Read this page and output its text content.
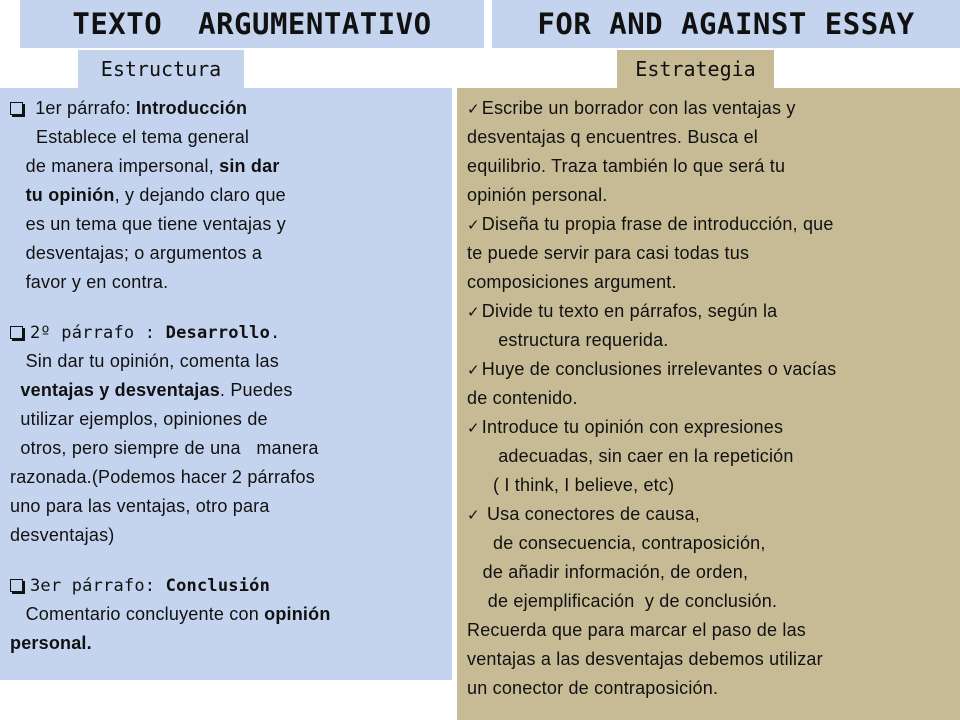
TEXTO  ARGUMENTATIVO	FOR AND AGAINST ESSAY
Estructura	Estrategia
1er párrafo: Introducción
Establece el tema general
de manera impersonal, sin dar
tu opinión, y dejando claro que
es un tema que tiene ventajas y
desventajas; o argumentos a
favor y en contra.
2º párrafo : Desarrollo.
Sin dar tu opinión, comenta las
ventajas y desventajas. Puedes
utilizar ejemplos, opiniones de
otros, pero siempre de una   manera
razonada.(Podemos hacer 2 párrafos
uno para las ventajas, otro para
desventajas)
3er párrafo: Conclusión
Comentario concluyente con opinión
personal.
✓ Escribe un borrador con las ventajas y
desventajas q encuentres. Busca el
equilibrio. Traza también lo que será tu
opinión personal.
✓ Diseña tu propia frase de introducción, que
te puede servir para casi todas tus
composiciones argument.
✓ Divide tu texto en párrafos, según la
estructura requerida.
✓ Huye de conclusiones irrelevantes o vacías
de contenido.
✓ Introduce tu opinión con expresiones
adecuadas, sin caer en la repetición
( I think, I believe, etc)
✓ Usa conectores de causa,
de consecuencia, contraposición,
de añadir información, de orden,
de ejemplificación  y de conclusión.
Recuerda que para marcar el paso de las
ventajas a las desventajas debemos utilizar
un conector de contraposición.
